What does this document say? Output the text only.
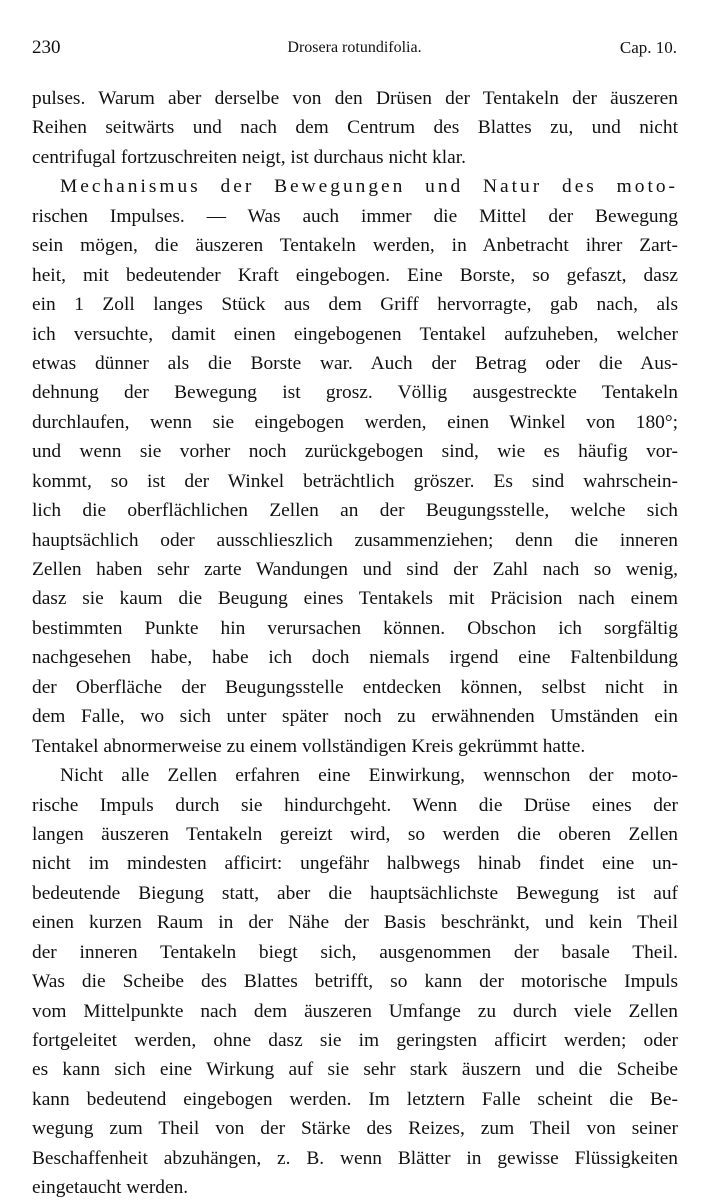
230	Drosera rotundifolia.	Cap. 10.
pulses. Warum aber derselbe von den Drüsen der Tentakeln der äuszeren
Reihen seitwärts und nach dem Centrum des Blattes zu, und nicht
centrifugal fortzuschreiten neigt, ist durchaus nicht klar.
Mechanismus der Bewegungen und Natur des moto-
rischen Impulses. — Was auch immer die Mittel der Bewegung
sein mögen, die äuszeren Tentakeln werden, in Anbetracht ihrer Zart-
heit, mit bedeutender Kraft eingebogen. Eine Borste, so gefaszt, dasz
ein 1 Zoll langes Stück aus dem Griff hervorragte, gab nach, als
ich versuchte, damit einen eingebogenen Tentakel aufzuheben, welcher
etwas dünner als die Borste war. Auch der Betrag oder die Aus-
dehnung der Bewegung ist grosz. Völlig ausgestreckte Tentakeln
durchlaufen, wenn sie eingebogen werden, einen Winkel von 180°;
und wenn sie vorher noch zurückgebogen sind, wie es häufig vor-
kommt, so ist der Winkel beträchtlich gröszer. Es sind wahrschein-
lich die oberflächlichen Zellen an der Beugungsstelle, welche sich
hauptsächlich oder ausschlieszlich zusammenziehen; denn die inneren
Zellen haben sehr zarte Wandungen und sind der Zahl nach so wenig,
dasz sie kaum die Beugung eines Tentakels mit Präcision nach einem
bestimmten Punkte hin verursachen können. Obschon ich sorgfältig
nachgesehen habe, habe ich doch niemals irgend eine Faltenbildung
der Oberfläche der Beugungsstelle entdecken können, selbst nicht in
dem Falle, wo sich unter später noch zu erwähnenden Umständen ein
Tentakel abnormerweise zu einem vollständigen Kreis gekrümmt hatte.
Nicht alle Zellen erfahren eine Einwirkung, wennschon der moto-
rische Impuls durch sie hindurchgeht. Wenn die Drüse eines der
langen äuszeren Tentakeln gereizt wird, so werden die oberen Zellen
nicht im mindesten afficirt: ungefähr halbwegs hinab findet eine un-
bedeutende Biegung statt, aber die hauptsächlichste Bewegung ist auf
einen kurzen Raum in der Nähe der Basis beschränkt, und kein Theil
der inneren Tentakeln biegt sich, ausgenommen der basale Theil.
Was die Scheibe des Blattes betrifft, so kann der motorische Impuls
vom Mittelpunkte nach dem äuszeren Umfange zu durch viele Zellen
fortgeleitet werden, ohne dasz sie im geringsten afficirt werden; oder
es kann sich eine Wirkung auf sie sehr stark äuszern und die Scheibe
kann bedeutend eingebogen werden. Im letztern Falle scheint die Be-
wegung zum Theil von der Stärke des Reizes, zum Theil von seiner
Beschaffenheit abzuhängen, z. B. wenn Blätter in gewisse Flüssigkeiten
eingetaucht werden.
